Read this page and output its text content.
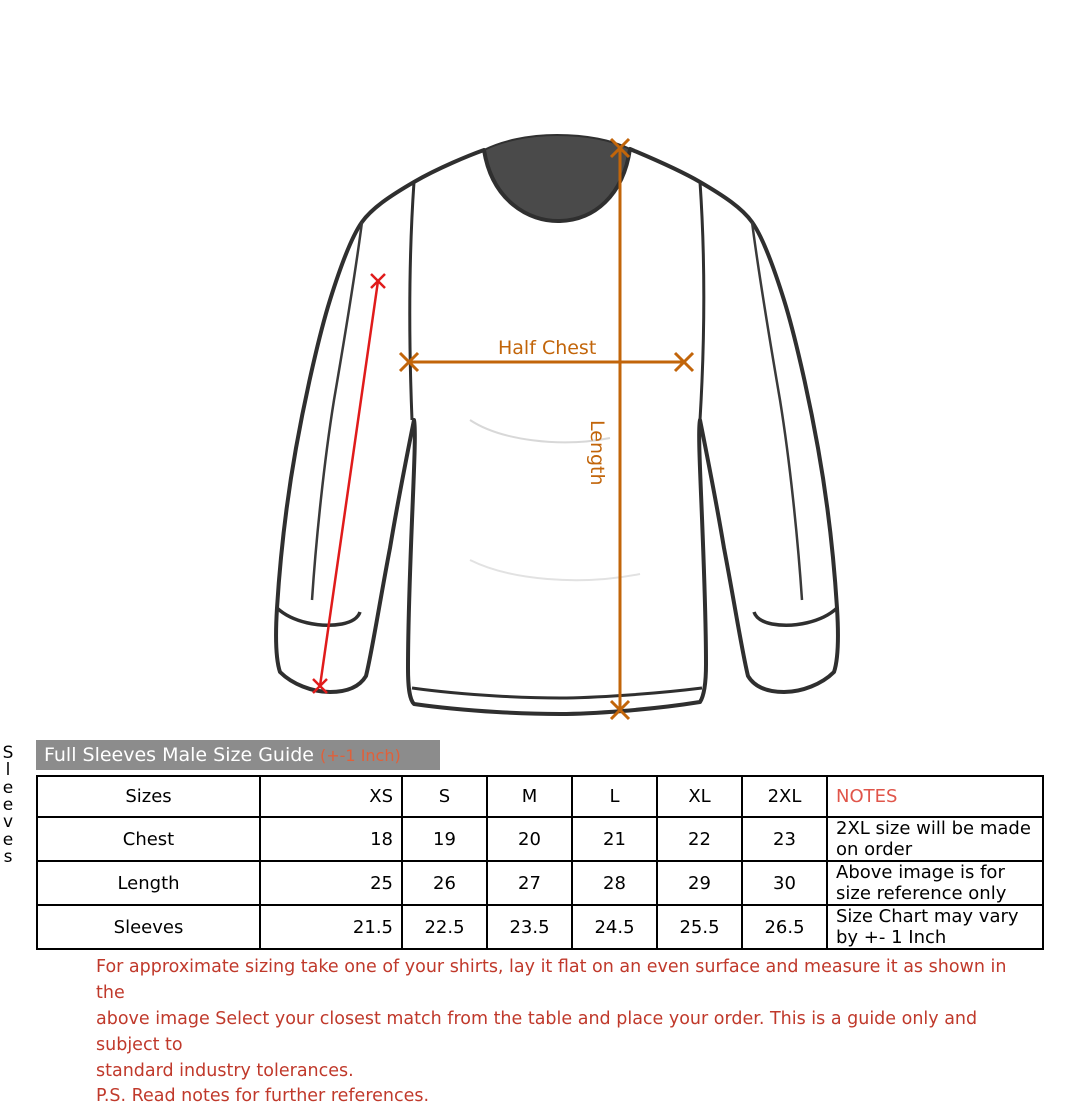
Half Chest
Length
S
l
e
e
v
e
s
Full Sleeves Male Size Guide (+-1 Inch)
Sizes	XS	S	M	L	XL	2XL	NOTES
Chest	18	19	20	21	22	23	2XL size will be made on order
Length	25	26	27	28	29	30	Above image is for size reference only
Sleeves	21.5	22.5	23.5	24.5	25.5	26.5	Size Chart may vary by +- 1 Inch

For approximate sizing take one of your shirts, lay it flat on an even surface and measure it as shown in the

above image Select your closest match from the table and place your order. This is a guide only and subject to

standard industry tolerances.

P.S. Read notes for further references.
